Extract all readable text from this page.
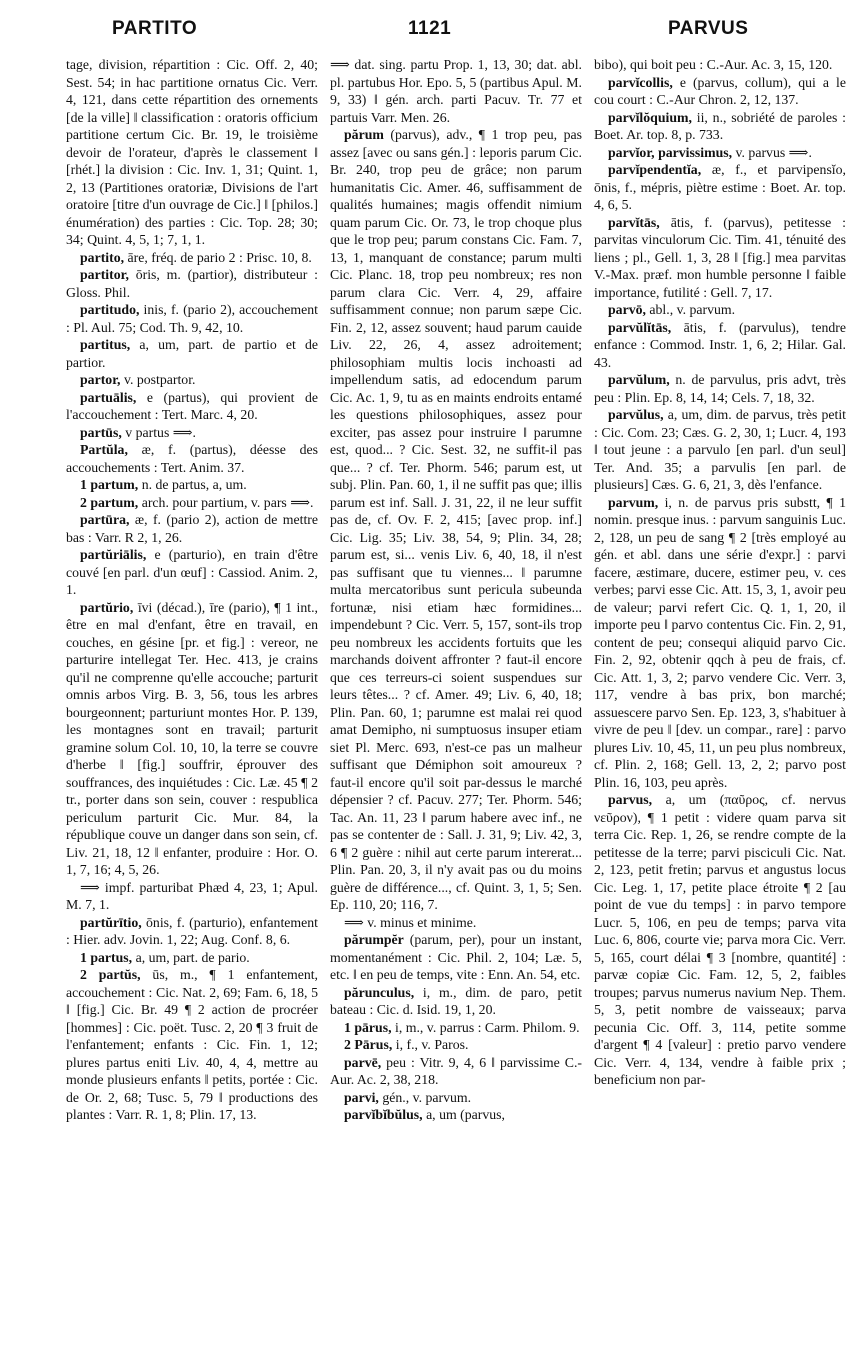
PARTITO	1121	PARVUS

tage, division, répartition : Cic. Off. 2, 40; Sest. 54; in hac partitione ornatus Cic. Verr. 4, 121, dans cette répartition des ornements [de la ville] ‖ classification : oratoris officium partitione certum Cic. Br. 19, le troisième devoir de l'orateur, d'après le classement ‖ [rhét.] la division : Cic. Inv. 1, 31; Quint. 1, 2, 13 (Partitiones oratoriæ, Divisions de l'art oratoire [titre d'un ouvrage de Cic.] ‖ [philos.] énumération) des parties : Cic. Top. 28; 30; 34; Quint. 4, 5, 1; 7, 1, 1.

partito, āre, fréq. de pario 2 : Prisc. 10, 8.

partitor, ōris, m. (partior), distributeur : Gloss. Phil.

partitudo, inis, f. (pario 2), accouchement : Pl. Aul. 75; Cod. Th. 9, 42, 10.

partitus, a, um, part. de partio et de partior.

partor, v. postpartor.

partuālis, e (partus), qui provient de l'accouchement : Tert. Marc. 4, 20.

partūs, v partus ⟹.

Partŭla, æ, f. (partus), déesse des accouchements : Tert. Anim. 37.

1 partum, n. de partus, a, um.

2 partum, arch. pour partium, v. pars ⟹.

partūra, æ, f. (pario 2), action de mettre bas : Varr. R 2, 1, 26.

partŭriālis, e (parturio), en train d'être couvé [en parl. d'un œuf] : Cassiod. Anim. 2, 1.

partŭrio, īvi (décad.), īre (pario), ¶ 1 int., être en mal d'enfant, être en travail, en couches, en gésine [pr. et fig.] : vereor, ne parturire intellegat Ter. Hec. 413, je crains qu'il ne comprenne qu'elle accouche; parturit omnis arbos Virg. B. 3, 56, tous les arbres bourgeonnent; parturiunt montes Hor. P. 139, les montagnes sont en travail; parturit gramine solum Col. 10, 10, la terre se couvre d'herbe ‖ [fig.] souffrir, éprouver des souffrances, des inquiétudes : Cic. Læ. 45 ¶ 2 tr., porter dans son sein, couver : respublica periculum parturit Cic. Mur. 84, la république couve un danger dans son sein, cf. Liv. 21, 18, 12 ‖ enfanter, produire : Hor. O. 1, 7, 16; 4, 5, 26.

⟹ impf. parturibat Phæd 4, 23, 1; Apul. M. 7, 1.

partŭrītio, ōnis, f. (parturio), enfantement : Hier. adv. Jovin. 1, 22; Aug. Conf. 8, 6.

1 partus, a, um, part. de pario.

2 partŭs, ūs, m., ¶ 1 enfantement, accouchement : Cic. Nat. 2, 69; Fam. 6, 18, 5 ‖ [fig.] Cic. Br. 49 ¶ 2 action de procréer [hommes] : Cic. poët. Tusc. 2, 20 ¶ 3 fruit de l'enfantement; enfants : Cic. Fin. 1, 12; plures partus eniti Liv. 40, 4, 4, mettre au monde plusieurs enfants ‖ petits, portée : Cic. de Or. 2, 68; Tusc. 5, 79 ‖ productions des plantes : Varr. R. 1, 8; Plin. 17, 13.

⟹ dat. sing. partu Prop. 1, 13, 30; dat. abl. pl. partubus Hor. Epo. 5, 5 (partibus Apul. M. 9, 33) ‖ gén. arch. parti Pacuv. Tr. 77 et partuis Varr. Men. 26.

părum (parvus), adv., ¶ 1 trop peu, pas assez [avec ou sans gén.] : leporis parum Cic. Br. 240, trop peu de grâce; non parum humanitatis Cic. Amer. 46, suffisamment de qualités humaines; magis offendit nimium quam parum Cic. Or. 73, le trop choque plus que le trop peu; parum constans Cic. Fam. 7, 13, 1, manquant de constance; parum multi Cic. Planc. 18, trop peu nombreux; res non parum clara Cic. Verr. 4, 29, affaire suffisamment connue; non parum sæpe Cic. Fin. 2, 12, assez souvent; haud parum cauide Liv. 22, 26, 4, assez adroitement; philosophiam multis locis inchoasti ad impellendum satis, ad edocendum parum Cic. Ac. 1, 9, tu as en maints endroits entamé les questions philosophiques, assez pour exciter, pas assez pour instruire ‖ parumne est, quod... ? Cic. Sest. 32, ne suffit-il pas que... ? cf. Ter. Phorm. 546; parum est, ut subj. Plin. Pan. 60, 1, il ne suffit pas que; illis parum est inf. Sall. J. 31, 22, il ne leur suffit pas de, cf. Ov. F. 2, 415; [avec prop. inf.] Cic. Lig. 35; Liv. 38, 54, 9; Plin. 34, 28; parum est, si... venis Liv. 6, 40, 18, il n'est pas suffisant que tu viennes... ‖ parumne multa mercatoribus sunt pericula subeunda fortunæ, nisi etiam hæc formidines... impendebunt ? Cic. Verr. 5, 157, sont-ils trop peu nombreux les accidents fortuits que les marchands doivent affronter ? faut-il encore que ces terreurs-ci soient suspendues sur leurs têtes... ? cf. Amer. 49; Liv. 6, 40, 18; Plin. Pan. 60, 1; parumne est malai rei quod amat Demipho, ni sumptuosus insuper etiam siet Pl. Merc. 693, n'est-ce pas un malheur suffisant que Démiphon soit amoureux ? faut-il encore qu'il soit par-dessus le marché dépensier ? cf. Pacuv. 277; Ter. Phorm. 546; Tac. An. 11, 23 ‖ parum habere avec inf., ne pas se contenter de : Sall. J. 31, 9; Liv. 42, 3, 6 ¶ 2 guère : nihil aut certe parum intererat... Plin. Pan. 20, 3, il n'y avait pas ou du moins guère de différence..., cf. Quint. 3, 1, 5; Sen. Ep. 110, 20; 116, 7.

⟹ v. minus et minime.

părumpĕr (parum, per), pour un instant, momentanément : Cic. Phil. 2, 104; Læ. 5, etc. ‖ en peu de temps, vite : Enn. An. 54, etc.

părunculus, i, m., dim. de paro, petit bateau : Cic. d. Isid. 19, 1, 20.

1 pārus, i, m., v. parrus : Carm. Philom. 9.

2 Pārus, i, f., v. Paros.

parvē, peu : Vitr. 9, 4, 6 ‖ parvissime C.-Aur. Ac. 2, 38, 218.

parvi, gén., v. parvum.

parvĭbĭbŭlus, a, um (parvus,

bibo), qui boit peu : C.-Aur. Ac. 3, 15, 120.

parvĭcollis, e (parvus, collum), qui a le cou court : C.-Aur Chron. 2, 12, 137.

parvĭlŏquium, ii, n., sobriété de paroles : Boet. Ar. top. 8, p. 733.

parvĭor, parvissimus, v. parvus ⟹.

parvĭpendentĭa, æ, f., et parvipensĭo, ōnis, f., mépris, piètre estime : Boet. Ar. top. 4, 6, 5.

parvĭtās, ātis, f. (parvus), petitesse : parvitas vinculorum Cic. Tim. 41, ténuité des liens ; pl., Gell. 1, 3, 28 ‖ [fig.] mea parvitas V.-Max. præf. mon humble personne ‖ faible importance, futilité : Gell. 7, 17.

parvō, abl., v. parvum.

parvŭlĭtās, ātis, f. (parvulus), tendre enfance : Commod. Instr. 1, 6, 2; Hilar. Gal. 43.

parvŭlum, n. de parvulus, pris advt, très peu : Plin. Ep. 8, 14, 14; Cels. 7, 18, 32.

parvŭlus, a, um, dim. de parvus, très petit : Cic. Com. 23; Cæs. G. 2, 30, 1; Lucr. 4, 193 ‖ tout jeune : a parvulo [en parl. d'un seul] Ter. And. 35; a parvulis [en parl. de plusieurs] Cæs. G. 6, 21, 3, dès l'enfance.

parvum, i, n. de parvus pris substt, ¶ 1 nomin. presque inus. : parvum sanguinis Luc. 2, 128, un peu de sang ¶ 2 [très employé au gén. et abl. dans une série d'expr.] : parvi facere, æstimare, ducere, estimer peu, v. ces verbes; parvi esse Cic. Att. 15, 3, 1, avoir peu de valeur; parvi refert Cic. Q. 1, 1, 20, il importe peu ‖ parvo contentus Cic. Fin. 2, 91, content de peu; consequi aliquid parvo Cic. Fin. 2, 92, obtenir qqch à peu de frais, cf. Cic. Att. 1, 3, 2; parvo vendere Cic. Verr. 3, 117, vendre à bas prix, bon marché; assuescere parvo Sen. Ep. 123, 3, s'habituer à vivre de peu ‖ [dev. un compar., rare] : parvo plures Liv. 10, 45, 11, un peu plus nombreux, cf. Plin. 2, 168; Gell. 13, 2, 2; parvo post Plin. 16, 103, peu après.

parvus, a, um (παῦρος, cf. nervus νεῦρον), ¶ 1 petit : videre quam parva sit terra Cic. Rep. 1, 26, se rendre compte de la petitesse de la terre; parvi pisciculi Cic. Nat. 2, 123, petit fretin; parvus et angustus locus Cic. Leg. 1, 17, petite place étroite ¶ 2 [au point de vue du temps] : in parvo tempore Lucr. 5, 106, en peu de temps; parva vita Luc. 6, 806, courte vie; parva mora Cic. Verr. 5, 165, court délai ¶ 3 [nombre, quantité] : parvæ copiæ Cic. Fam. 12, 5, 2, faibles troupes; parvus numerus navium Nep. Them. 5, 3, petit nombre de vaisseaux; parva pecunia Cic. Off. 3, 114, petite somme d'argent ¶ 4 [valeur] : pretio parvo vendere Cic. Verr. 4, 134, vendre à faible prix ; beneficium non par-
